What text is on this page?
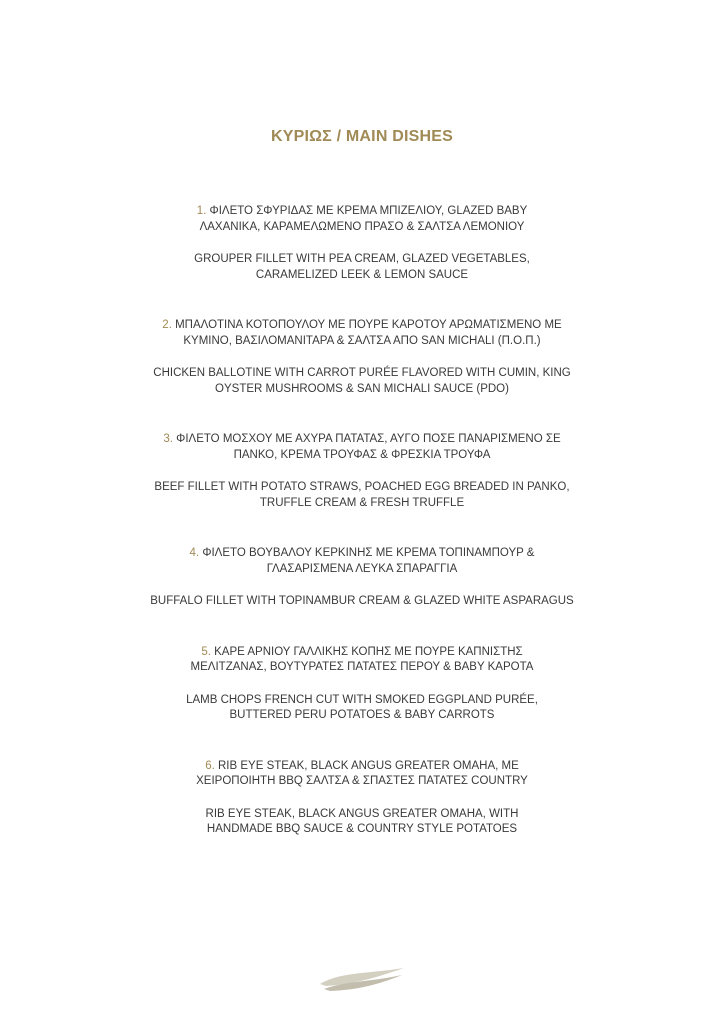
ΚΥΡΙΩΣ / MAIN DISHES

1. ΦΙΛΕΤΟ ΣΦΥΡΙΔΑΣ ΜΕ ΚΡΕΜΑ ΜΠΙΖΕΛΙΟΥ, GLAZED BABY
ΛΑΧΑΝΙΚΑ, ΚΑΡΑΜΕΛΩΜΕΝΟ ΠΡΑΣΟ & ΣΑΛΤΣΑ ΛΕΜΟΝΙΟΥ

GROUPER FILLET WITH PEA CREAM, GLAZED VEGETABLES,
CARAMELIZED LEEK & LEMON SAUCE

2. ΜΠΑΛΟΤΙΝΑ ΚΟΤΟΠΟΥΛΟΥ ΜΕ ΠΟΥΡΕ ΚΑΡΟΤΟΥ ΑΡΩΜΑΤΙΣΜΕΝΟ ΜΕ
ΚΥΜΙΝΟ, ΒΑΣΙΛΟΜΑΝΙΤΑΡΑ & ΣΑΛΤΣΑ ΑΠΟ SAN MICHALI (Π.Ο.Π.)

CHICKEN BALLOTINE WITH CARROT PURÉE FLAVORED WITH CUMIN, KING
OYSTER MUSHROOMS & SAN MICHALI SAUCE (PDO)

3. ΦΙΛΕΤΟ ΜΟΣΧΟΥ ΜΕ ΑΧΥΡΑ ΠΑΤΑΤΑΣ, ΑΥΓΟ ΠΟΣΕ ΠΑΝΑΡΙΣΜΕΝΟ ΣΕ
ΠΑΝΚΟ, ΚΡΕΜΑ ΤΡΟΥΦΑΣ & ΦΡΕΣΚΙΑ ΤΡΟΥΦΑ

BEEF FILLET WITH POTATO STRAWS, POACHED EGG BREADED IN PANKO,
TRUFFLE CREAM & FRESH TRUFFLE

4. ΦΙΛΕΤΟ ΒΟΥΒΑΛΟΥ ΚΕΡΚΙΝΗΣ ΜΕ ΚΡΕΜΑ ΤΟΠΙΝΑΜΠΟΥΡ &
ΓΛΑΣΑΡΙΣΜΕΝΑ ΛΕΥΚΑ ΣΠΑΡΑΓΓΙΑ

BUFFALO FILLET WITH TOPINAMBUR CREAM & GLAZED WHITE ASPARAGUS

5. ΚΑΡΕ ΑΡΝΙΟΥ ΓΑΛΛΙΚΗΣ ΚΟΠΗΣ ΜΕ ΠΟΥΡΕ ΚΑΠΝΙΣΤΗΣ
ΜΕΛΙΤΖΑΝΑΣ, ΒΟΥΤΥΡΑΤΕΣ ΠΑΤΑΤΕΣ ΠΕΡΟΥ & BABY ΚΑΡΟΤΑ

LAMB CHOPS FRENCH CUT WITH SMOKED EGGPLAND PURÉE,
BUTTERED PERU POTATOES & BABY CARROTS

6. RIB EYE STEAK, BLACK ANGUS GREATER OMAHA, ΜΕ
ΧΕΙΡΟΠΟΙΗΤΗ BBQ ΣΑΛΤΣΑ & ΣΠΑΣΤΕΣ ΠΑΤΑΤΕΣ COUNTRY

RIB EYE STEAK, BLACK ANGUS GREATER OMAHA, WITH
HANDMADE BBQ SAUCE & COUNTRY STYLE POTATOES
